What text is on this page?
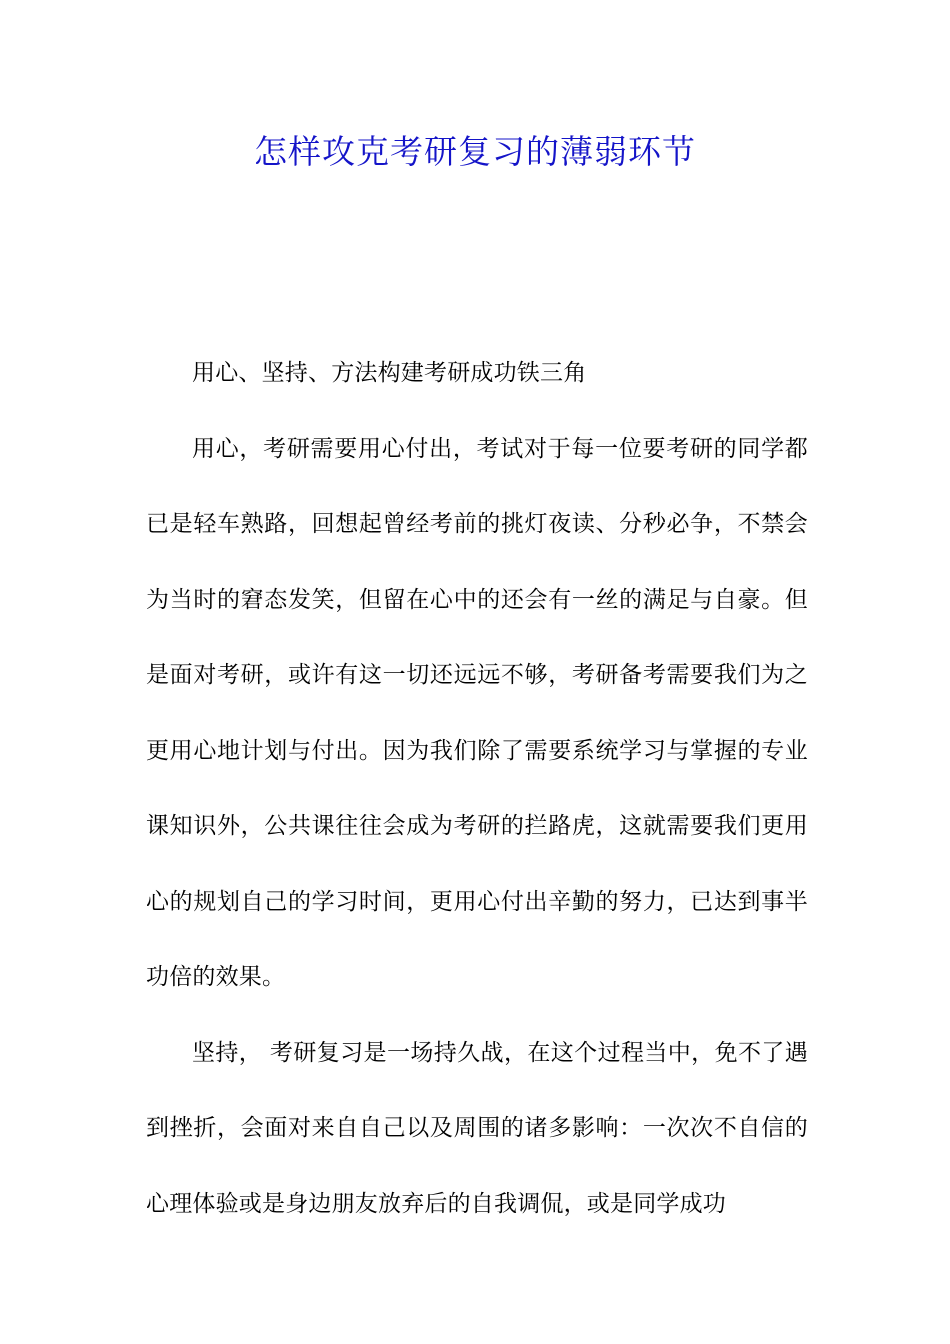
怎样攻克考研复习的薄弱环节

用心、坚持、方法构建考研成功铁三角

用心，考研需要用心付出，考试对于每一位要考研的同学都已是轻车熟路，回想起曾经考前的挑灯夜读、分秒必争，不禁会为当时的窘态发笑，但留在心中的还会有一丝的满足与自豪。但是面对考研，或许有这一切还远远不够，考研备考需要我们为之更用心地计划与付出。因为我们除了需要系统学习与掌握的专业课知识外，公共课往往会成为考研的拦路虎，这就需要我们更用心的规划自己的学习时间，更用心付出辛勤的努力，已达到事半功倍的效果。

坚持， 考研复习是一场持久战，在这个过程当中，免不了遇到挫折，会面对来自自己以及周围的诸多影响：一次次不自信的心理体验或是身边朋友放弃后的自我调侃，或是同学成功
